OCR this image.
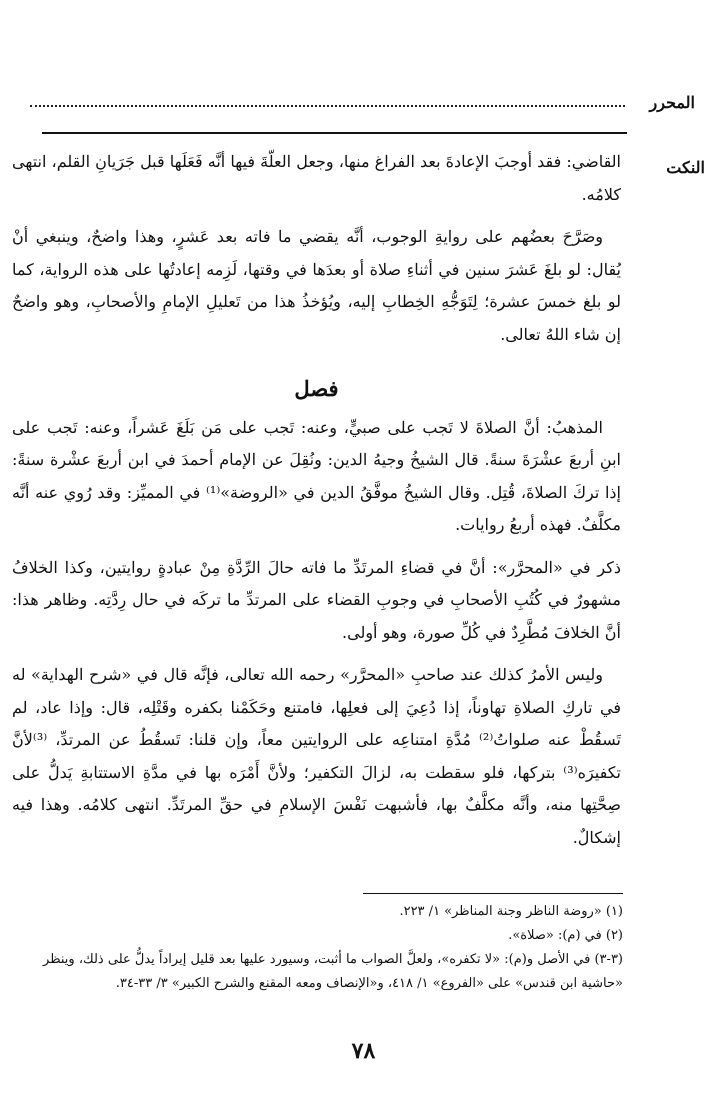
المحرر
النكت

القاضي: فقد أوجبَ الإعادةَ بعد الفراغ منها، وجعل العلّةَ فيها أنَّه فَعَلَها قبل جَرَيانِ القلم، انتهى كلامُه.

وصَرَّحَ بعضُهم على روايةِ الوجوب، أنَّه يقضي ما فاته بعد عَشرٍ، وهذا واضحٌ، وينبغي أنْ يُقال: لو بلغَ عَشرَ سنين في أثناءِ صلاة أو بعدَها في وقتها، لَزِمه إعادتُها على هذه الرواية، كما لو بلغ خمسَ عشرة؛ لِتَوَجُّهِ الخِطابِ إليه، ويُؤخذُ هذا من تَعليلِ الإمامِ والأصحابِ، وهو واضحٌ إن شاء اللهُ تعالى.

فصل

المذهبُ: أنَّ الصلاةَ لا تَجب على صبيٍّ، وعنه: تَجب على مَن بَلَغَ عَشراً، وعنه: تَجب على ابنِ أربعَ عشْرَةَ سنةً. قال الشيخُ وجيهُ الدين: ونُقِلَ عن الإمام أحمدَ في ابن أربعَ عشْرة سنةً: إذا تركَ الصلاةَ، قُتِل. وقال الشيخُ موفَّقُ الدين في «الروضة»⁽¹⁾ في المميِّز: وقد رُوي عنه أنَّه مكلَّفٌ. فهذه أربعُ روايات.

ذكر في «المحرَّر»: أنَّ في قضاءِ المرتَدِّ ما فاته حالَ الرِّدَّةِ مِنْ عبادةٍ روايتين، وكذا الخلافُ مشهورٌ في كُتُبِ الأصحابِ في وجوبِ القضاء على المرتدِّ ما تركَه في حال رِدَّتِه. وظاهر هذا: أنَّ الخلافَ مُطَّرِدٌ في كُلِّ صورة، وهو أولى.

وليس الأمرُ كذلك عند صاحبِ «المحرَّر» رحمه الله تعالى، فإنَّه قال في «شرح الهداية» له في تاركِ الصلاةِ تهاوناً، إذا دُعِيَ إلى فعلِها، فامتنع وحَكَمْنا بكفره وقَتْلِه، قال: وإذا عاد، لم تَسقُطْ عنه صلواتُ⁽²⁾ مُدَّةِ امتناعِه على الروايتين معاً، وإن قلنا: تَسقُطُ عن المرتدِّ، ⁽³⁾لأنَّ تكفيرَه⁽³⁾ بتركها، فلو سقطت به، لزالَ التكفير؛ ولأنَّ أَمْرَه بها في مدَّةِ الاستتابةِ يَدلُّ على صِحَّتِها منه، وأنَّه مكلَّفٌ بها، فأشبهت نَفْسَ الإسلامِ في حقِّ المرتَدِّ. انتهى كلامُه. وهذا فيه إشكالٌ.

(١) «روضة الناظر وجنة المناظر» ١/ ٢٢٣.

(٢) في (م): «صلاة».

(٣-٣) في الأصل و(م): «لا تكفره»، ولعلَّ الصواب ما أثبت، وسيورد عليها بعد قليل إيراداً يدلُّ على ذلك، وينظر «حاشية ابن قندس» على «الفروع» ١/ ٤١٨، و«الإنصاف ومعه المقنع والشرح الكبير» ٣/ ٣٣-٣٤.

٧٨
